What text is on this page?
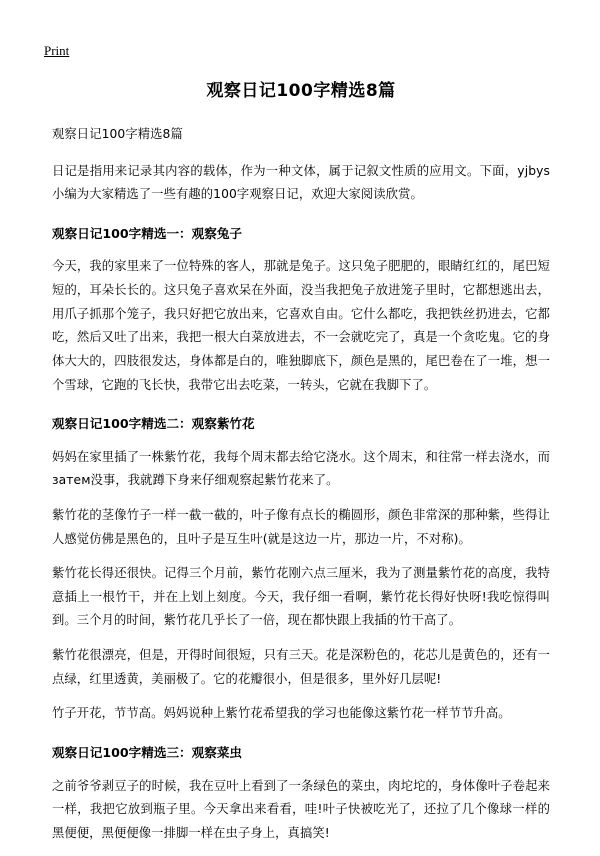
Print
观察日记100字精选8篇

观察日记100字精选8篇

日记是指用来记录其内容的载体，作为一种文体，属于记叙文性质的应用文。下面，yjbys小编为大家精选了一些有趣的100字观察日记，欢迎大家阅读欣赏。

观察日记100字精选一：观察兔子

今天，我的家里来了一位特殊的客人，那就是兔子。这只兔子肥肥的，眼睛红红的，尾巴短短的，耳朵长长的。这只兔子喜欢呆在外面，没当我把兔子放进笼子里时，它都想逃出去，用爪子抓那个笼子，我只好把它放出来，它喜欢自由。它什么都吃，我把铁丝扔进去，它都吃，然后又吐了出来，我把一根大白菜放进去，不一会就吃完了，真是一个贪吃鬼。它的身体大大的，四肢很发达，身体都是白的，唯独脚底下，颜色是黑的，尾巴卷在了一堆，想一个雪球，它跑的飞长快，我带它出去吃菜，一转头，它就在我脚下了。

观察日记100字精选二：观察紫竹花

妈妈在家里插了一株紫竹花，我每个周末都去给它浇水。这个周末，和往常一样去浇水，而затем没事，我就蹲下身来仔细观察起紫竹花来了。

紫竹花的茎像竹子一样一截一截的，叶子像有点长的椭圆形，颜色非常深的那种紫，些得让人感觉仿佛是黑色的，且叶子是互生叶(就是这边一片，那边一片，不对称)。

紫竹花长得还很快。记得三个月前，紫竹花刚六点三厘米，我为了测量紫竹花的高度，我特意插上一根竹干，并在上划上刻度。今天，我仔细一看啊，紫竹花长得好快呀!我吃惊得叫到。三个月的时间，紫竹花几乎长了一倍，现在都快跟上我插的竹干高了。

紫竹花很漂亮，但是，开得时间很短，只有三天。花是深粉色的，花芯儿是黄色的，还有一点绿，红里透黄，美丽极了。它的花瓣很小，但是很多，里外好几层呢!

竹子开花，节节高。妈妈说种上紫竹花希望我的学习也能像这紫竹花一样节节升高。

观察日记100字精选三：观察菜虫

之前爷爷剥豆子的时候，我在豆叶上看到了一条绿色的菜虫，肉坨坨的，身体像叶子卷起来一样，我把它放到瓶子里。今天拿出来看看，哇!叶子快被吃光了，还拉了几个像球一样的黑便便，黑便便像一排脚一样在虫子身上，真搞笑!
